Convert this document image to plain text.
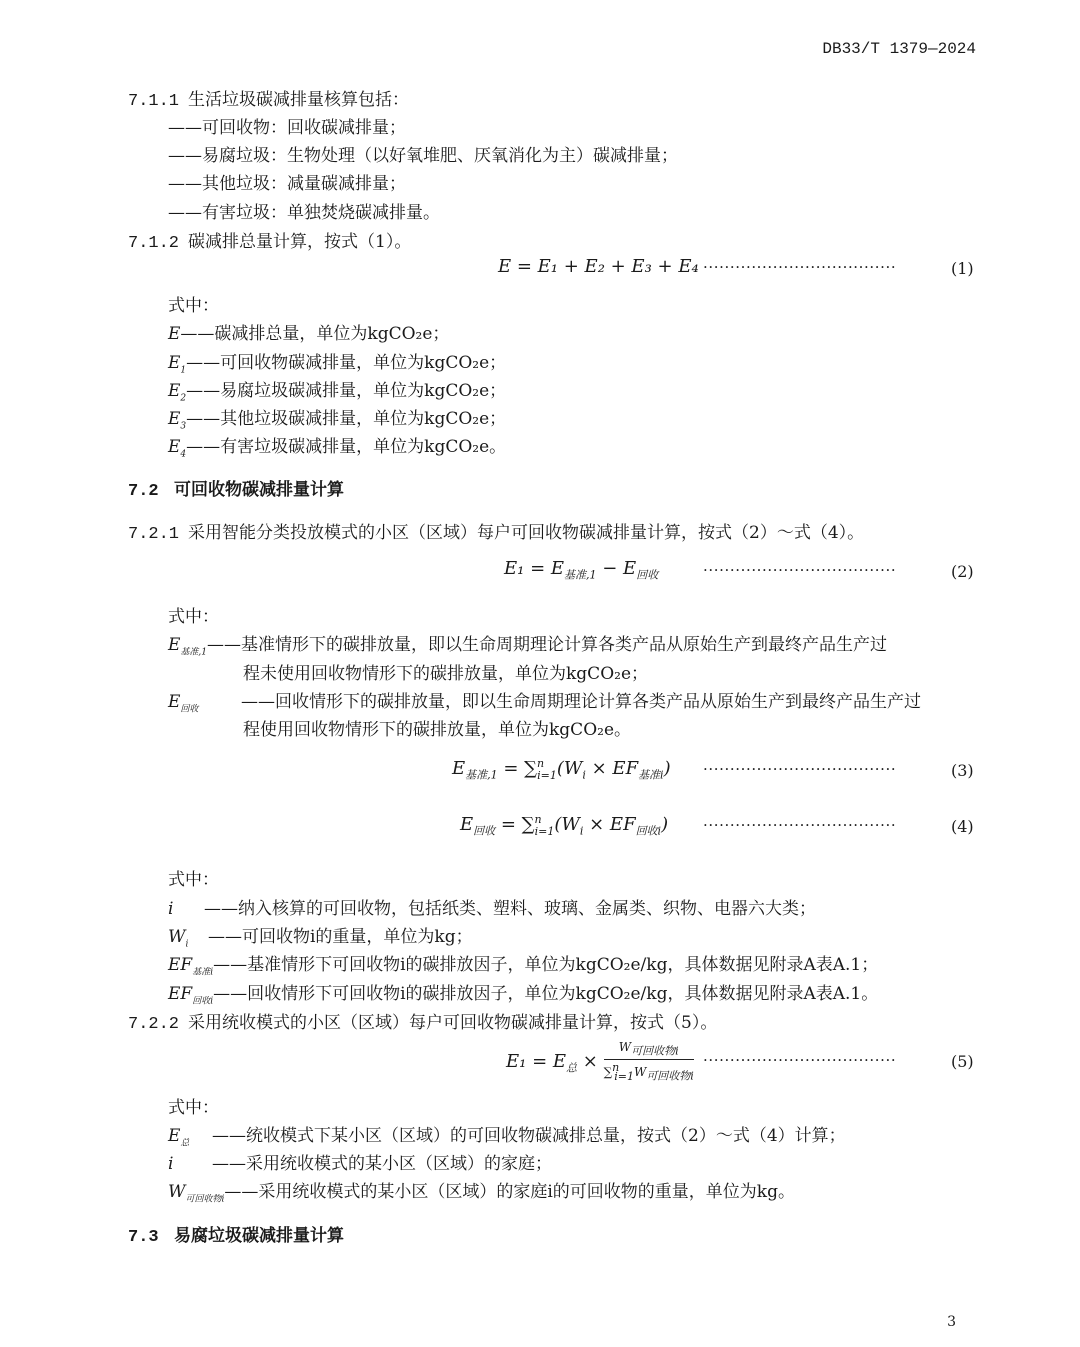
DB33/T 1379—2024
7.1.1 生活垃圾碳减排量核算包括：
——可回收物：回收碳减排量；
——易腐垃圾：生物处理（以好氧堆肥、厌氧消化为主）碳减排量；
——其他垃圾：减量碳减排量；
——有害垃圾：单独焚烧碳减排量。
7.1.2 碳减排总量计算，按式（1）。
E = E₁ + E₂ + E₃ + E₄ ····································	(1)
式中：
E——碳减排总量，单位为kgCO₂e；
$E_1——$可回收物碳减排量，单位为kgCO₂e；
$E_2——$易腐垃圾碳减排量，单位为kgCO₂e；
$E_3——$其他垃圾碳减排量，单位为kgCO₂e；
$E_4——$有害垃圾碳减排量，单位为kgCO₂e。
7.2 可回收物碳减排量计算
7.2.1 采用智能分类投放模式的小区（区域）每户可回收物碳减排量计算，按式（2）～式（4）。
$E_1 = E_{基准,1} - E_{回收}$	····································	(2)
式中：
$E_{基准,1}——$基准情形下的碳排放量，即以生命周期理论计算各类产品从原始生产到最终产品生产过
程未使用回收物情形下的碳排放量，单位为kgCO₂e；
$E_{回收}$	——回收情形下的碳排放量，即以生命周期理论计算各类产品从原始生产到最终产品生产过
程使用回收物情形下的碳排放量，单位为kgCO₂e。
$E_{基准,1} = \sum^n_{i=1}(W_i \times EF_{基准i})$ ····································	(3)
$E_{回收} = \sum^n_{i=1}(W_i \times EF_{回收i})$ ····································	(4)
式中：
i ——纳入核算的可回收物，包括纸类、塑料、玻璃、金属类、织物、电器六大类；
$W_i$ ——可回收物i的重量，单位为kg；
$EF_{基准i}——$基准情形下可回收物i的碳排放因子，单位为kgCO₂e/kg，具体数据见附录A表A.1；
$EF_{回收i}——$回收情形下可回收物i的碳排放因子，单位为kgCO₂e/kg，具体数据见附录A表A.1。
7.2.2 采用统收模式的小区（区域）每户可回收物碳减排量计算，按式（5）。
$E_1 = E_总 \times \frac{W_{可回收物i}}{\sum^n_{i=1}W_{可回收物i}}$ ····································	(5)
式中：
$E_总$ ——统收模式下某小区（区域）的可回收物碳减排总量，按式（2）～式（4）计算；
i ——采用统收模式的某小区（区域）的家庭；
$W_{可回收物i}——$采用统收模式的某小区（区域）的家庭i的可回收物的重量，单位为kg。
7.3 易腐垃圾碳减排量计算
3
